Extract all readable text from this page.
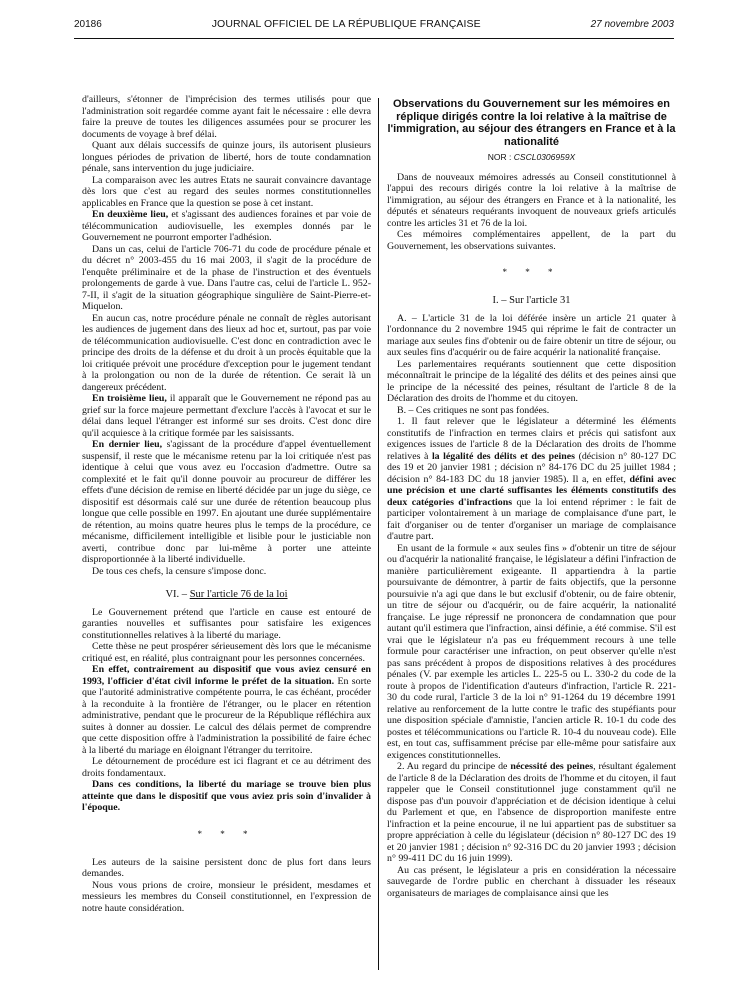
20186	JOURNAL OFFICIEL DE LA RÉPUBLIQUE FRANÇAISE	27 novembre 2003

d'ailleurs, s'étonner de l'imprécision des termes utilisés pour que l'administration soit regardée comme ayant fait le nécessaire : elle devra faire la preuve de toutes les diligences assumées pour se procurer les documents de voyage à bref délai.

Quant aux délais successifs de quinze jours, ils autorisent plusieurs longues périodes de privation de liberté, hors de toute condamnation pénale, sans intervention du juge judiciaire.

La comparaison avec les autres Etats ne saurait convaincre davantage dès lors que c'est au regard des seules normes constitutionnelles applicables en France que la question se pose à cet instant.

En deuxième lieu, et s'agissant des audiences foraines et par voie de télécommunication audiovisuelle, les exemples donnés par le Gouvernement ne pourront emporter l'adhésion.

Dans un cas, celui de l'article 706-71 du code de procédure pénale et du décret n° 2003-455 du 16 mai 2003, il s'agit de la procédure de l'enquête préliminaire et de la phase de l'instruction et des éventuels prolongements de garde à vue. Dans l'autre cas, celui de l'article L. 952-7-II, il s'agit de la situation géographique singulière de Saint-Pierre-et-Miquelon.

En aucun cas, notre procédure pénale ne connaît de règles autorisant les audiences de jugement dans des lieux ad hoc et, surtout, pas par voie de télécommunication audiovisuelle. C'est donc en contradiction avec le principe des droits de la défense et du droit à un procès équitable que la loi critiquée prévoit une procédure d'exception pour le jugement tendant à la prolongation ou non de la durée de rétention. Ce serait là un dangereux précédent.

En troisième lieu, il apparaît que le Gouvernement ne répond pas au grief sur la force majeure permettant d'exclure l'accès à l'avocat et sur le délai dans lequel l'étranger est informé sur ses droits. C'est donc dire qu'il acquiesce à la critique formée par les saisissants.

En dernier lieu, s'agissant de la procédure d'appel éventuellement suspensif, il reste que le mécanisme retenu par la loi critiquée n'est pas identique à celui que vous avez eu l'occasion d'admettre. Outre sa complexité et le fait qu'il donne pouvoir au procureur de différer les effets d'une décision de remise en liberté décidée par un juge du siège, ce dispositif est désormais calé sur une durée de rétention beaucoup plus longue que celle possible en 1997. En ajoutant une durée supplémentaire de rétention, au moins quatre heures plus le temps de la procédure, ce mécanisme, difficilement intelligible et lisible pour le justiciable non averti, contribue donc par lui-même à porter une atteinte disproportionnée à la liberté individuelle.

De tous ces chefs, la censure s'impose donc.

VI. – Sur l'article 76 de la loi

Le Gouvernement prétend que l'article en cause est entouré de garanties nouvelles et suffisantes pour satisfaire les exigences constitutionnelles relatives à la liberté du mariage.

Cette thèse ne peut prospérer sérieusement dès lors que le mécanisme critiqué est, en réalité, plus contraignant pour les personnes concernées.

En effet, contrairement au dispositif que vous aviez censuré en 1993, l'officier d'état civil informe le préfet de la situation. En sorte que l'autorité administrative compétente pourra, le cas échéant, procéder à la reconduite à la frontière de l'étranger, ou le placer en rétention administrative, pendant que le procureur de la République réfléchira aux suites à donner au dossier. Le calcul des délais permet de comprendre que cette disposition offre à l'administration la possibilité de faire échec à la liberté du mariage en éloignant l'étranger du territoire.

Le détournement de procédure est ici flagrant et ce au détriment des droits fondamentaux.

Dans ces conditions, la liberté du mariage se trouve bien plus atteinte que dans le dispositif que vous aviez pris soin d'invalider à l'époque.

* * *

Les auteurs de la saisine persistent donc de plus fort dans leurs demandes.

Nous vous prions de croire, monsieur le président, mesdames et messieurs les membres du Conseil constitutionnel, en l'expression de notre haute considération.

Observations du Gouvernement sur les mémoires en réplique dirigés contre la loi relative à la maîtrise de l'immigration, au séjour des étrangers en France et à la nationalité
NOR : CSCL0306959X

Dans de nouveaux mémoires adressés au Conseil constitutionnel à l'appui des recours dirigés contre la loi relative à la maîtrise de l'immigration, au séjour des étrangers en France et à la nationalité, les députés et sénateurs requérants invoquent de nouveaux griefs articulés contre les articles 31 et 76 de la loi.

Ces mémoires complémentaires appellent, de la part du Gouvernement, les observations suivantes.

* * *
I. – Sur l'article 31

A. – L'article 31 de la loi déférée insère un article 21 quater à l'ordonnance du 2 novembre 1945 qui réprime le fait de contracter un mariage aux seules fins d'obtenir ou de faire obtenir un titre de séjour, ou aux seules fins d'acquérir ou de faire acquérir la nationalité française.

Les parlementaires requérants soutiennent que cette disposition méconnaîtrait le principe de la légalité des délits et des peines ainsi que le principe de la nécessité des peines, résultant de l'article 8 de la Déclaration des droits de l'homme et du citoyen.

B. – Ces critiques ne sont pas fondées.

1. Il faut relever que le législateur a déterminé les éléments constitutifs de l'infraction en termes clairs et précis qui satisfont aux exigences issues de l'article 8 de la Déclaration des droits de l'homme relatives à la légalité des délits et des peines (décision n° 80-127 DC des 19 et 20 janvier 1981 ; décision n° 84-176 DC du 25 juillet 1984 ; décision n° 84-183 DC du 18 janvier 1985). Il a, en effet, défini avec une précision et une clarté suffisantes les éléments constitutifs des deux catégories d'infractions que la loi entend réprimer : le fait de participer volontairement à un mariage de complaisance d'une part, le fait d'organiser ou de tenter d'organiser un mariage de complaisance d'autre part.

En usant de la formule « aux seules fins » d'obtenir un titre de séjour ou d'acquérir la nationalité française, le législateur a défini l'infraction de manière particulièrement exigeante. Il appartiendra à la partie poursuivante de démontrer, à partir de faits objectifs, que la personne poursuivie n'a agi que dans le but exclusif d'obtenir, ou de faire obtenir, un titre de séjour ou d'acquérir, ou de faire acquérir, la nationalité française. Le juge répressif ne prononcera de condamnation que pour autant qu'il estimera que l'infraction, ainsi définie, a été commise. S'il est vrai que le législateur n'a pas eu fréquemment recours à une telle formule pour caractériser une infraction, on peut observer qu'elle n'est pas sans précédent à propos de dispositions relatives à des procédures pénales (V. par exemple les articles L. 225-5 ou L. 330-2 du code de la route à propos de l'identification d'auteurs d'infraction, l'article R. 221-30 du code rural, l'article 3 de la loi n° 91-1264 du 19 décembre 1991 relative au renforcement de la lutte contre le trafic des stupéfiants pour une disposition spéciale d'amnistie, l'ancien article R. 10-1 du code des postes et télécommunications ou l'article R. 10-4 du nouveau code). Elle est, en tout cas, suffisamment précise par elle-même pour satisfaire aux exigences constitutionnelles.

2. Au regard du principe de nécessité des peines, résultant également de l'article 8 de la Déclaration des droits de l'homme et du citoyen, il faut rappeler que le Conseil constitutionnel juge constamment qu'il ne dispose pas d'un pouvoir d'appréciation et de décision identique à celui du Parlement et que, en l'absence de disproportion manifeste entre l'infraction et la peine encourue, il ne lui appartient pas de substituer sa propre appréciation à celle du législateur (décision n° 80-127 DC des 19 et 20 janvier 1981 ; décision n° 92-316 DC du 20 janvier 1993 ; décision n° 99-411 DC du 16 juin 1999).

Au cas présent, le législateur a pris en considération la nécessaire sauvegarde de l'ordre public en cherchant à dissuader les réseaux organisateurs de mariages de complaisance ainsi que les
